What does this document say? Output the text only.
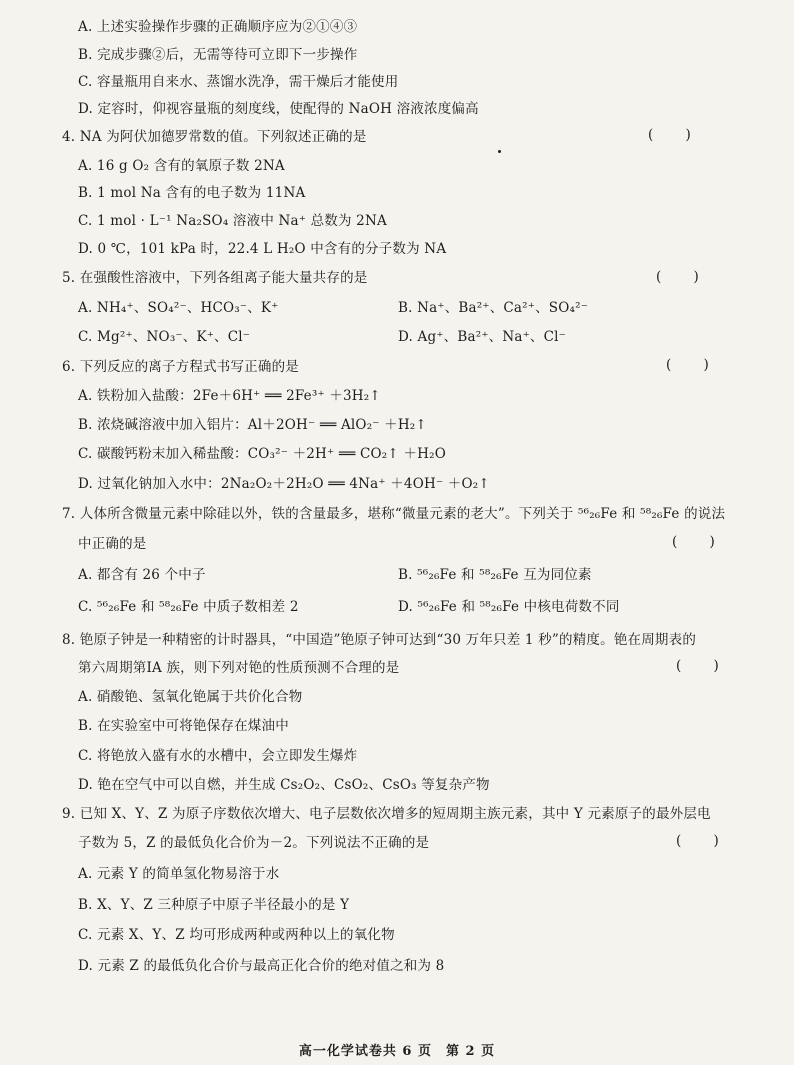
A. 上述实验操作步骤的正确顺序应为②①④③
B. 完成步骤②后，无需等待可立即下一步操作
C. 容量瓶用自来水、蒸馏水洗净，需干燥后才能使用
D. 定容时，仰视容量瓶的刻度线，使配得的 NaOH 溶液浓度偏高
4. NA 为阿伏加德罗常数的值。下列叙述正确的是	( )
A. 16 g O₂ 含有的氧原子数 2NA
B. 1 mol Na 含有的电子数为 11NA
C. 1 mol · L⁻¹ Na₂SO₄ 溶液中 Na⁺ 总数为 2NA
D. 0 ℃，101 kPa 时，22.4 L H₂O 中含有的分子数为 NA
5. 在强酸性溶液中，下列各组离子能大量共存的是	( )
A. NH₄⁺、SO₄²⁻、HCO₃⁻、K⁺	B. Na⁺、Ba²⁺、Ca²⁺、SO₄²⁻
C. Mg²⁺、NO₃⁻、K⁺、Cl⁻	D. Ag⁺、Ba²⁺、Na⁺、Cl⁻
6. 下列反应的离子方程式书写正确的是	( )
A. 铁粉加入盐酸：2Fe＋6H⁺ ══ 2Fe³⁺ ＋3H₂↑
B. 浓烧碱溶液中加入铝片：Al＋2OH⁻ ══ AlO₂⁻ ＋H₂↑
C. 碳酸钙粉末加入稀盐酸：CO₃²⁻ ＋2H⁺ ══ CO₂↑ ＋H₂O
D. 过氧化钠加入水中：2Na₂O₂＋2H₂O ══ 4Na⁺ ＋4OH⁻ ＋O₂↑
7. 人体所含微量元素中除硅以外，铁的含量最多，堪称“微量元素的老大”。下列关于 ⁵⁶₂₆Fe 和 ⁵⁸₂₆Fe 的说法
中正确的是	( )
A. 都含有 26 个中子	B. ⁵⁶₂₆Fe 和 ⁵⁸₂₆Fe 互为同位素
C. ⁵⁶₂₆Fe 和 ⁵⁸₂₆Fe 中质子数相差 2	D. ⁵⁶₂₆Fe 和 ⁵⁸₂₆Fe 中核电荷数不同
8. 铯原子钟是一种精密的计时器具，“中国造”铯原子钟可达到“30 万年只差 1 秒”的精度。铯在周期表的
第六周期第ⅠA 族，则下列对铯的性质预测不合理的是	( )
A. 硝酸铯、氢氧化铯属于共价化合物
B. 在实验室中可将铯保存在煤油中
C. 将铯放入盛有水的水槽中，会立即发生爆炸
D. 铯在空气中可以自燃，并生成 Cs₂O₂、CsO₂、CsO₃ 等复杂产物
9. 已知 X、Y、Z 为原子序数依次增大、电子层数依次增多的短周期主族元素，其中 Y 元素原子的最外层电
子数为 5，Z 的最低负化合价为－2。下列说法不正确的是	( )
A. 元素 Y 的简单氢化物易溶于水
B. X、Y、Z 三种原子中原子半径最小的是 Y
C. 元素 X、Y、Z 均可形成两种或两种以上的氧化物
D. 元素 Z 的最低负化合价与最高正化合价的绝对值之和为 8
高一化学试卷共 6 页　第 2 页
